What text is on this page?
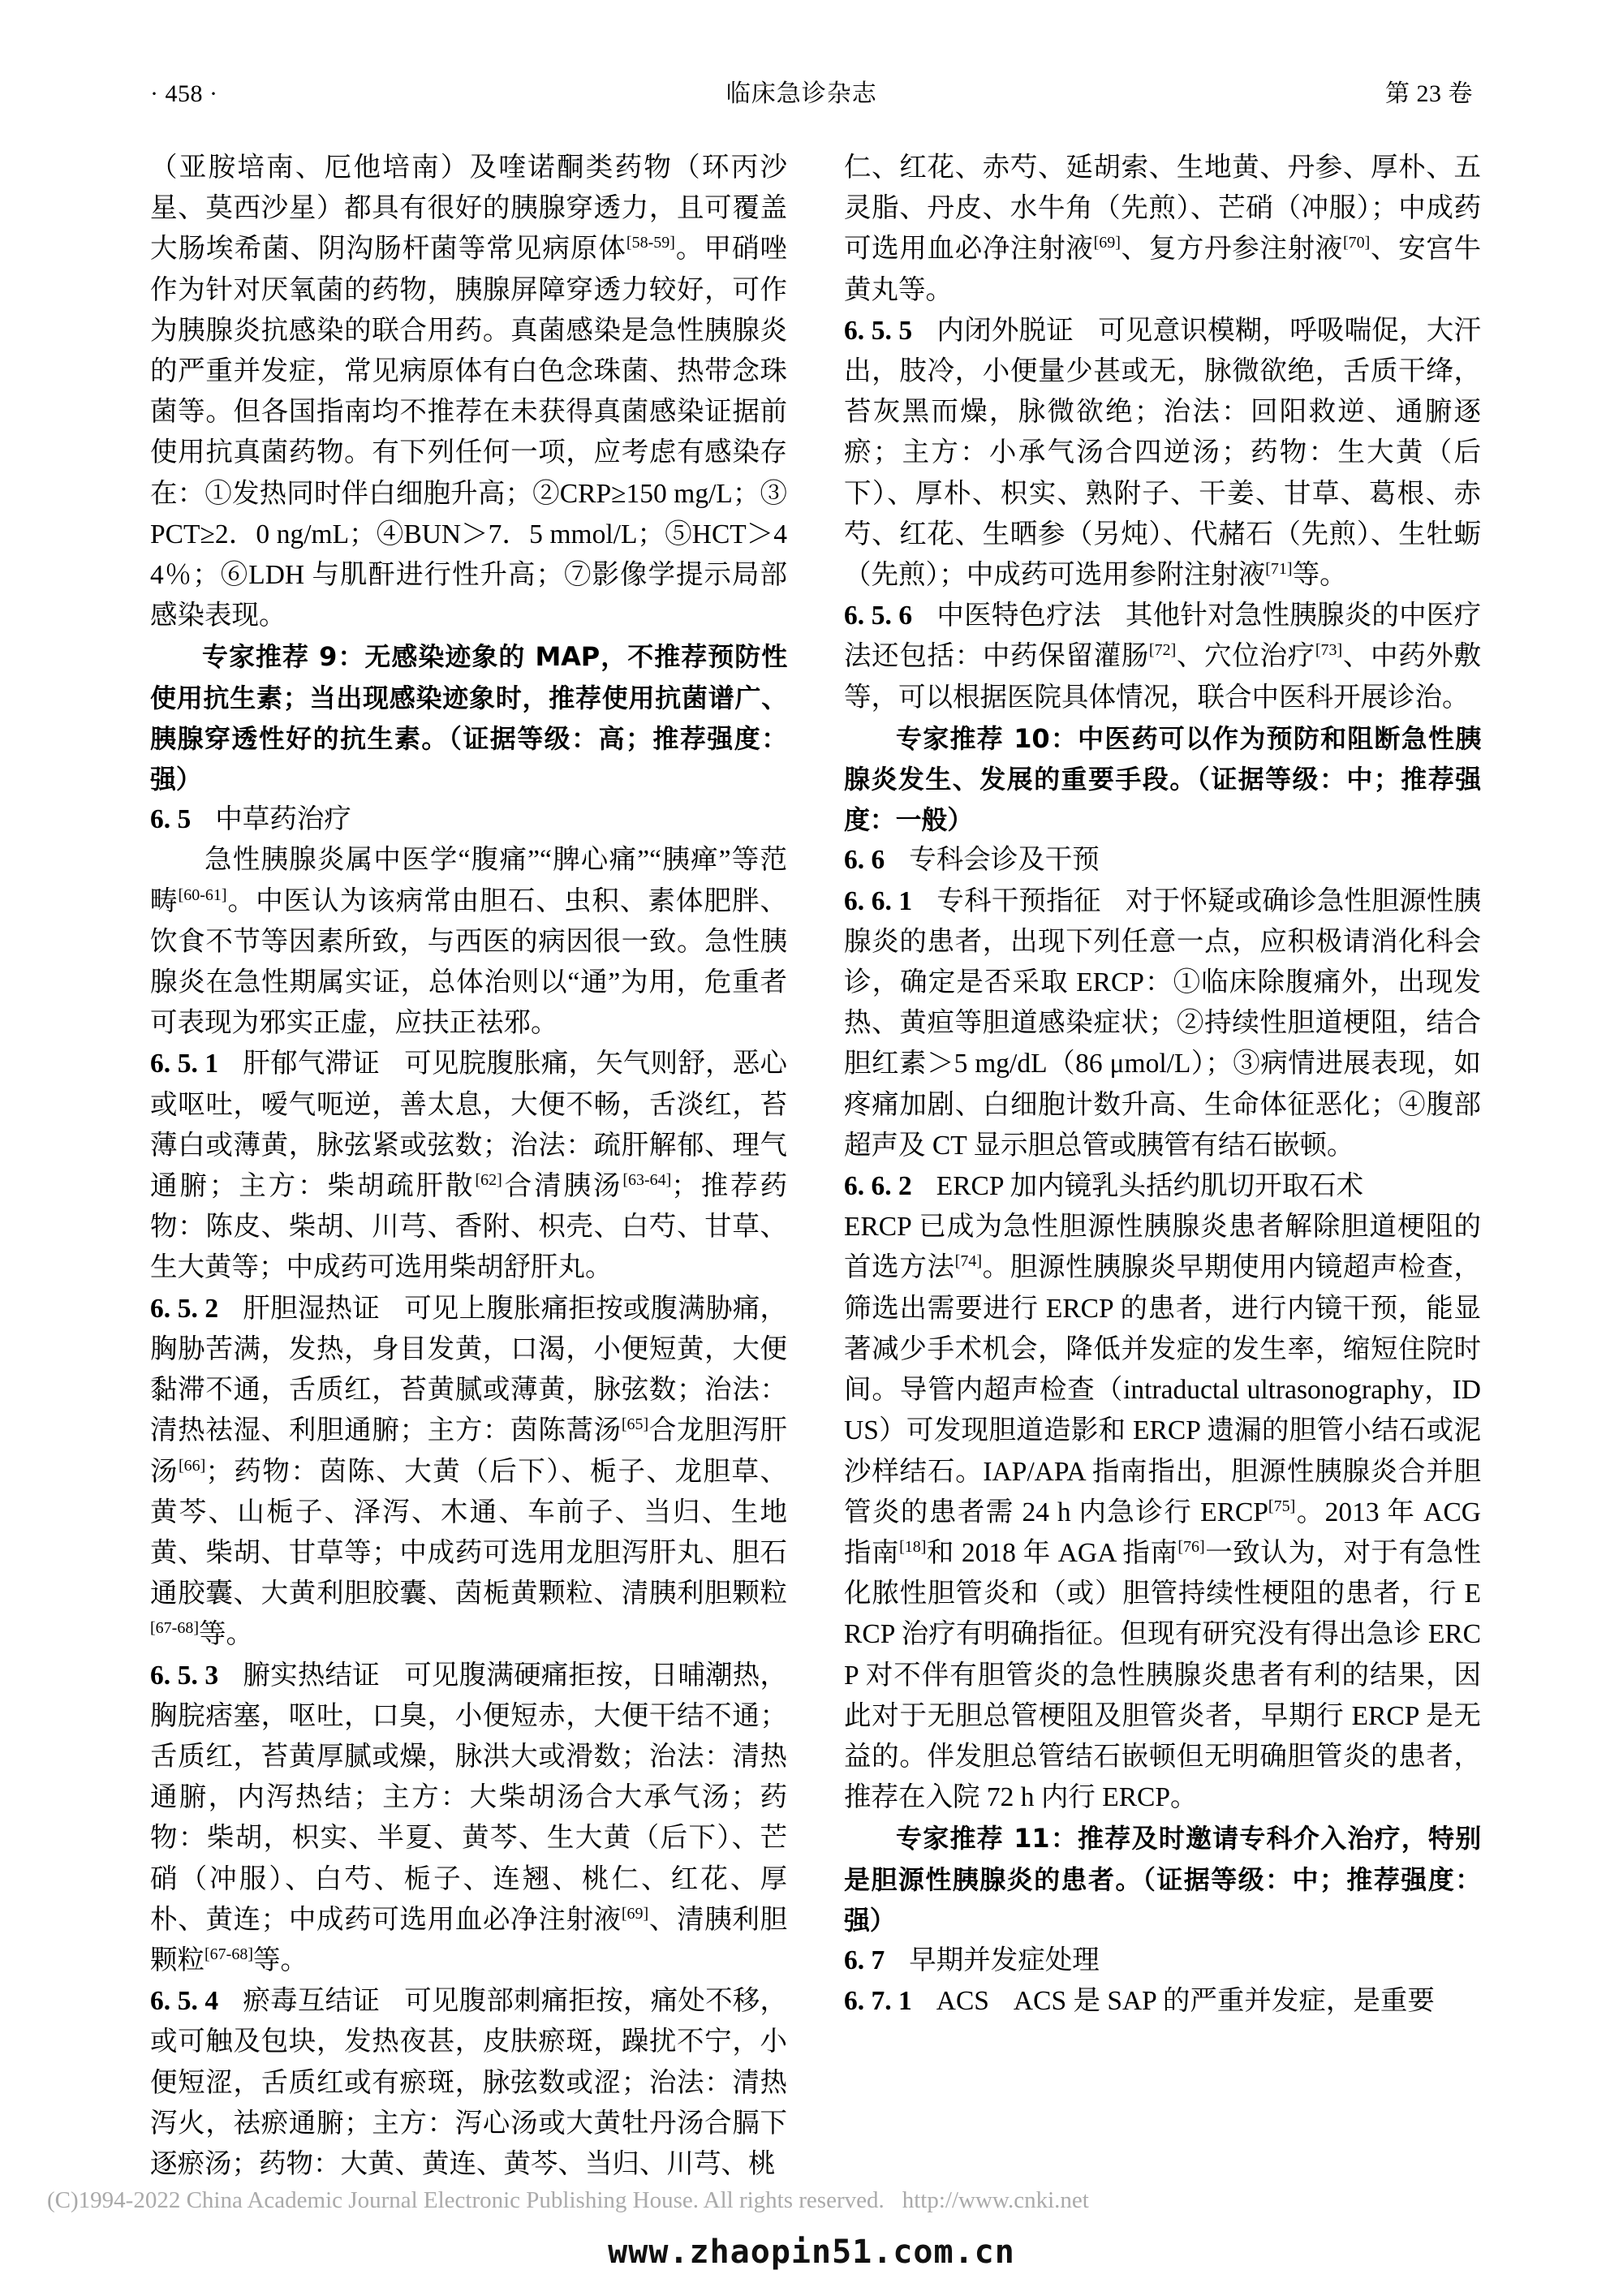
· 458 ·	临床急诊杂志	第 23 卷

（亚胺培南、厄他培南）及喹诺酮类药物（环丙沙星、莫西沙星）都具有很好的胰腺穿透力，且可覆盖大肠埃希菌、阴沟肠杆菌等常见病原体[58-59]。甲硝唑作为针对厌氧菌的药物，胰腺屏障穿透力较好，可作为胰腺炎抗感染的联合用药。真菌感染是急性胰腺炎的严重并发症，常见病原体有白色念珠菌、热带念珠菌等。但各国指南均不推荐在未获得真菌感染证据前使用抗真菌药物。有下列任何一项，应考虑有感染存在：①发热同时伴白细胞升高；②CRP≥150 mg/L；③PCT≥2．0 ng/mL；④BUN＞7．5 mmol/L；⑤HCT＞44％；⑥LDH 与肌酐进行性升高；⑦影像学提示局部感染表现。

专家推荐 9：无感染迹象的 MAP，不推荐预防性使用抗生素；当出现感染迹象时，推荐使用抗菌谱广、胰腺穿透性好的抗生素。（证据等级：高；推荐强度：强）

6. 5 中草药治疗

急性胰腺炎属中医学“腹痛”“脾心痛”“胰瘅”等范畴[60-61]。中医认为该病常由胆石、虫积、素体肥胖、饮食不节等因素所致，与西医的病因很一致。急性胰腺炎在急性期属实证，总体治则以“通”为用，危重者可表现为邪实正虚，应扶正祛邪。

6. 5. 1 肝郁气滞证 可见脘腹胀痛，矢气则舒，恶心或呕吐，嗳气呃逆，善太息，大便不畅，舌淡红，苔薄白或薄黄，脉弦紧或弦数；治法：疏肝解郁、理气通腑；主方：柴胡疏肝散[62]合清胰汤[63-64]；推荐药物：陈皮、柴胡、川芎、香附、枳壳、白芍、甘草、生大黄等；中成药可选用柴胡舒肝丸。

6. 5. 2 肝胆湿热证 可见上腹胀痛拒按或腹满胁痛，胸胁苦满，发热，身目发黄，口渴，小便短黄，大便黏滞不通，舌质红，苔黄腻或薄黄，脉弦数；治法：清热祛湿、利胆通腑；主方：茵陈蒿汤[65]合龙胆泻肝汤[66]；药物：茵陈、大黄（后下）、栀子、龙胆草、黄芩、山栀子、泽泻、木通、车前子、当归、生地黄、柴胡、甘草等；中成药可选用龙胆泻肝丸、胆石通胶囊、大黄利胆胶囊、茵栀黄颗粒、清胰利胆颗粒[67-68]等。

6. 5. 3 腑实热结证 可见腹满硬痛拒按，日晡潮热，胸脘痞塞，呕吐，口臭，小便短赤，大便干结不通；舌质红，苔黄厚腻或燥，脉洪大或滑数；治法：清热通腑，内泻热结；主方：大柴胡汤合大承气汤；药物：柴胡，枳实、半夏、黄芩、生大黄（后下）、芒硝（冲服）、白芍、栀子、连翘、桃仁、红花、厚朴、黄连；中成药可选用血必净注射液[69]、清胰利胆颗粒[67-68]等。

6. 5. 4 瘀毒互结证 可见腹部刺痛拒按，痛处不移，或可触及包块，发热夜甚，皮肤瘀斑，躁扰不宁，小便短涩，舌质红或有瘀斑，脉弦数或涩；治法：清热泻火，祛瘀通腑；主方：泻心汤或大黄牡丹汤合膈下逐瘀汤；药物：大黄、黄连、黄芩、当归、川芎、桃

仁、红花、赤芍、延胡索、生地黄、丹参、厚朴、五灵脂、丹皮、水牛角（先煎）、芒硝（冲服）；中成药可选用血必净注射液[69]、复方丹参注射液[70]、安宫牛黄丸等。

6. 5. 5 内闭外脱证 可见意识模糊，呼吸喘促，大汗出，肢冷，小便量少甚或无，脉微欲绝，舌质干绛，苔灰黑而燥，脉微欲绝；治法：回阳救逆、通腑逐瘀；主方：小承气汤合四逆汤；药物：生大黄（后下）、厚朴、枳实、熟附子、干姜、甘草、葛根、赤芍、红花、生晒参（另炖）、代赭石（先煎）、生牡蛎（先煎）；中成药可选用参附注射液[71]等。

6. 5. 6 中医特色疗法 其他针对急性胰腺炎的中医疗法还包括：中药保留灌肠[72]、穴位治疗[73]、中药外敷等，可以根据医院具体情况，联合中医科开展诊治。

专家推荐 10：中医药可以作为预防和阻断急性胰腺炎发生、发展的重要手段。（证据等级：中；推荐强度：一般）

6. 6 专科会诊及干预

6. 6. 1 专科干预指征 对于怀疑或确诊急性胆源性胰腺炎的患者，出现下列任意一点，应积极请消化科会诊，确定是否采取 ERCP：①临床除腹痛外，出现发热、黄疸等胆道感染症状；②持续性胆道梗阻，结合胆红素＞5 mg/dL（86 μmol/L）；③病情进展表现，如疼痛加剧、白细胞计数升高、生命体征恶化；④腹部超声及 CT 显示胆总管或胰管有结石嵌顿。

6. 6. 2 ERCP 加内镜乳头括约肌切开取石术

ERCP 已成为急性胆源性胰腺炎患者解除胆道梗阻的首选方法[74]。胆源性胰腺炎早期使用内镜超声检查，筛选出需要进行 ERCP 的患者，进行内镜干预，能显著减少手术机会，降低并发症的发生率，缩短住院时间。导管内超声检查（intraductal ultrasonography，IDUS）可发现胆道造影和 ERCP 遗漏的胆管小结石或泥沙样结石。IAP/APA 指南指出，胆源性胰腺炎合并胆管炎的患者需 24 h 内急诊行 ERCP[75]。2013 年 ACG 指南[18]和 2018 年 AGA 指南[76]一致认为，对于有急性化脓性胆管炎和（或）胆管持续性梗阻的患者，行 ERCP 治疗有明确指征。但现有研究没有得出急诊 ERCP 对不伴有胆管炎的急性胰腺炎患者有利的结果，因此对于无胆总管梗阻及胆管炎者，早期行 ERCP 是无益的。伴发胆总管结石嵌顿但无明确胆管炎的患者，推荐在入院 72 h 内行 ERCP。

专家推荐 11：推荐及时邀请专科介入治疗，特别是胆源性胰腺炎的患者。（证据等级：中；推荐强度：强）

6. 7 早期并发症处理

6. 7. 1 ACS ACS 是 SAP 的严重并发症，是重要

(C)1994-2022 China Academic Journal Electronic Publishing House. All rights reserved. http://www.cnki.net
www.zhaopin51.com.cn
